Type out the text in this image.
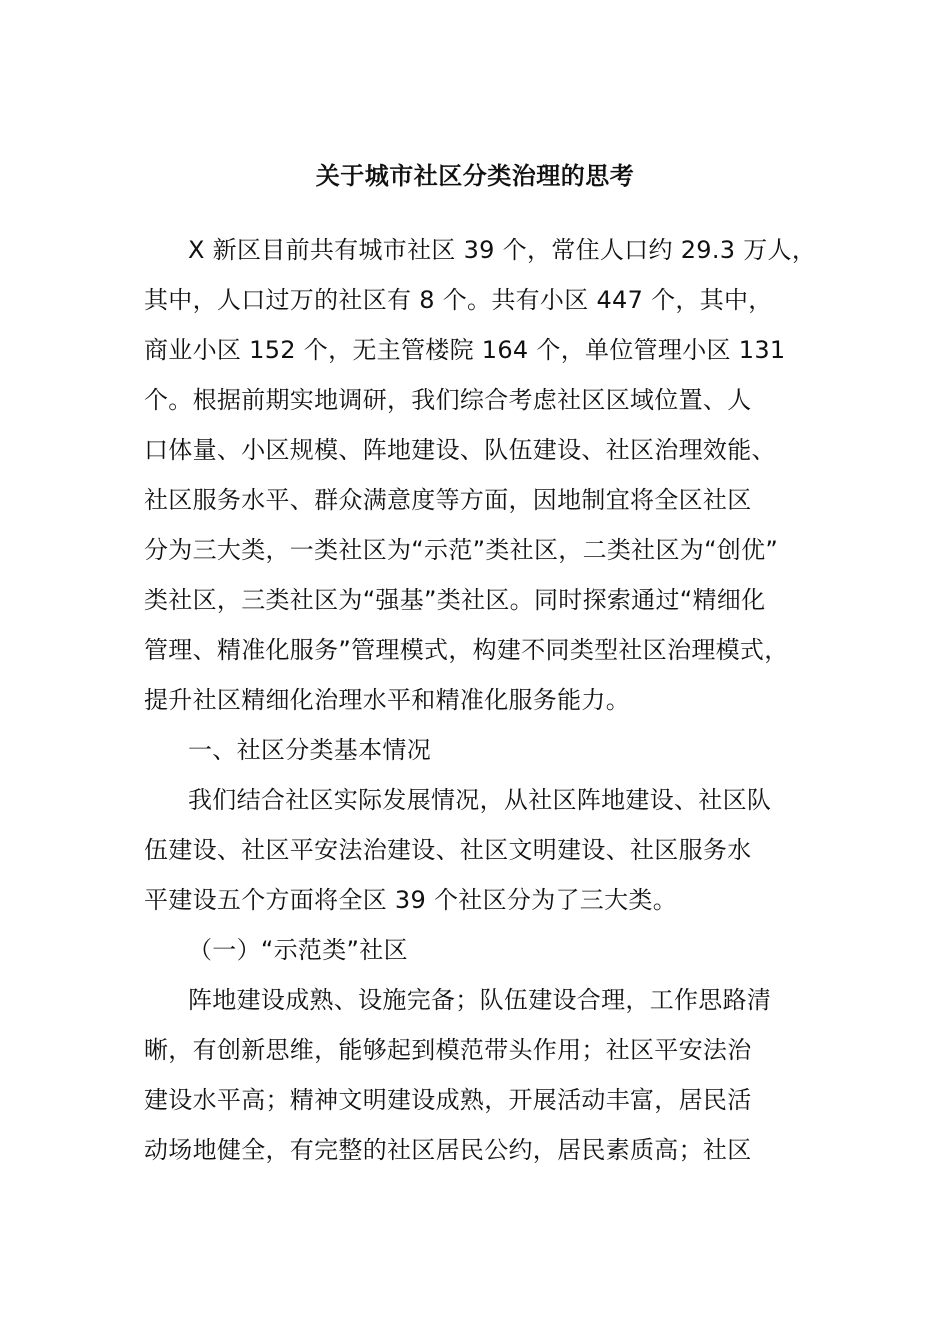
关于城市社区分类治理的思考
X 新区目前共有城市社区 39 个，常住人口约 29.3 万人，
其中，人口过万的社区有 8 个。共有小区 447 个，其中，
商业小区 152 个，无主管楼院 164 个，单位管理小区 131
个。根据前期实地调研，我们综合考虑社区区域位置、人
口体量、小区规模、阵地建设、队伍建设、社区治理效能、
社区服务水平、群众满意度等方面，因地制宜将全区社区
分为三大类，一类社区为“示范”类社区，二类社区为“创优”
类社区，三类社区为“强基”类社区。同时探索通过“精细化
管理、精准化服务”管理模式，构建不同类型社区治理模式，
提升社区精细化治理水平和精准化服务能力。
一、社区分类基本情况
我们结合社区实际发展情况，从社区阵地建设、社区队
伍建设、社区平安法治建设、社区文明建设、社区服务水
平建设五个方面将全区 39 个社区分为了三大类。
（一）“示范类”社区
阵地建设成熟、设施完备；队伍建设合理，工作思路清
晰，有创新思维，能够起到模范带头作用；社区平安法治
建设水平高；精神文明建设成熟，开展活动丰富，居民活
动场地健全，有完整的社区居民公约，居民素质高；社区
